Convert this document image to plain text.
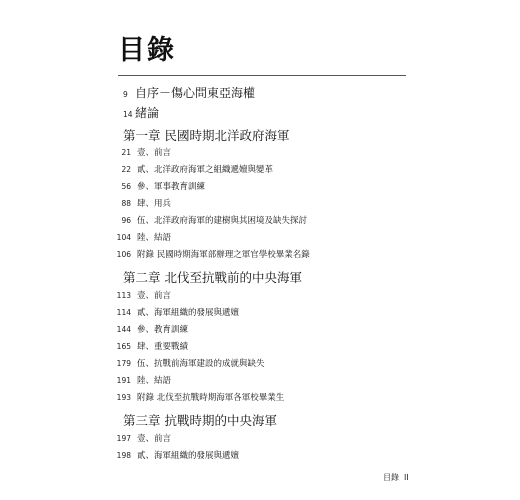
目錄
9 自序－傷心問東亞海權
14 緒論
第一章 民國時期北洋政府海軍
21 壹、前言
22 貳、北洋政府海軍之組織遞嬗與變革
56 參、軍事教育訓練
88 肆、用兵
96 伍、北洋政府海軍的建樹與其困境及缺失探討
104 陸、結語
106 附錄 民國時期海軍部辦理之軍官學校畢業名錄
第二章 北伐至抗戰前的中央海軍
113 壹、前言
114 貳、海軍組織的發展與遞嬗
144 參、教育訓練
165 肆、重要戰績
179 伍、抗戰前海軍建設的成就與缺失
191 陸、結語
193 附錄 北伐至抗戰時期海軍各軍校畢業生
第三章 抗戰時期的中央海軍
197 壹、前言
198 貳、海軍組織的發展與遞嬗
目錄 II
